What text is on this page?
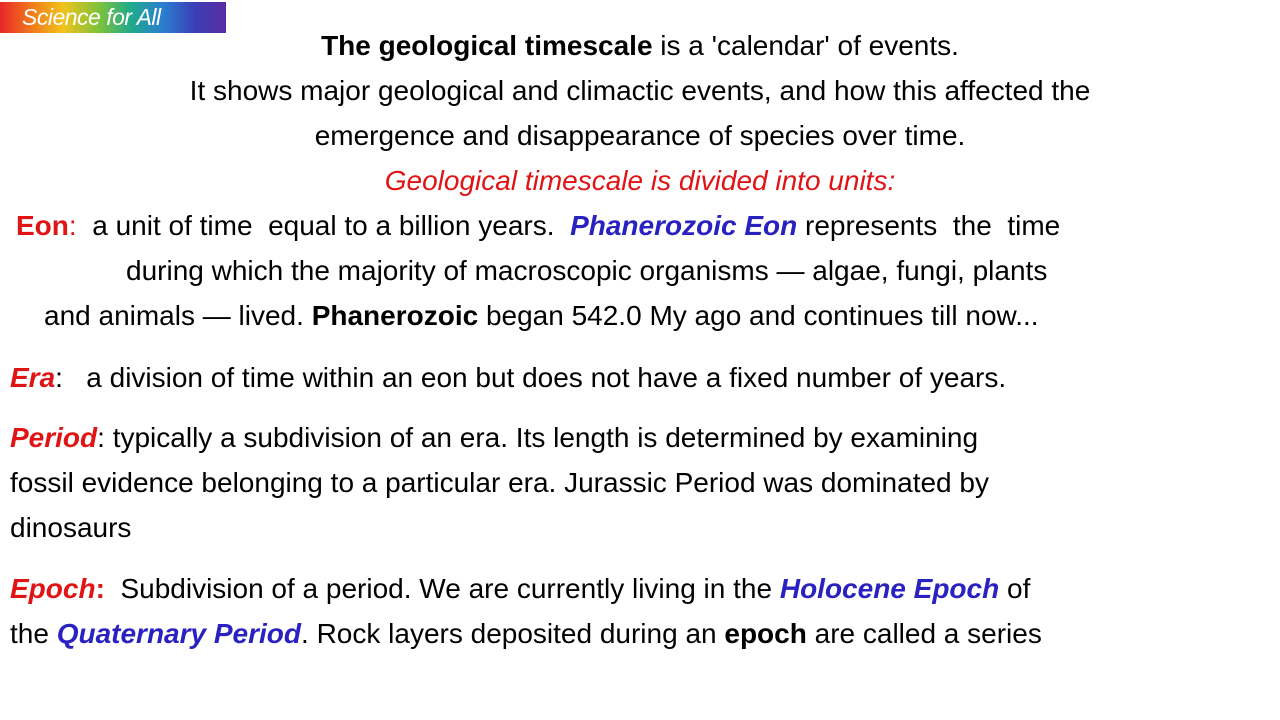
Science for All
The geological timescale is a 'calendar' of events.
It shows major geological and climactic events, and how this affected the
emergence and disappearance of species over time.
Geological timescale is divided into units:
Eon:  a unit of time  equal to a billion years.  Phanerozoic Eon represents  the  time
during which the majority of macroscopic organisms — algae, fungi, plants
and animals — lived. Phanerozoic began 542.0 My ago and continues till now...
Era:   a division of time within an eon but does not have a fixed number of years.
Period: typically a subdivision of an era. Its length is determined by examining
fossil evidence belonging to a particular era. Jurassic Period was dominated by
dinosaurs
Epoch:  Subdivision of a period. We are currently living in the Holocene Epoch of
the Quaternary Period. Rock layers deposited during an epoch are called a series
